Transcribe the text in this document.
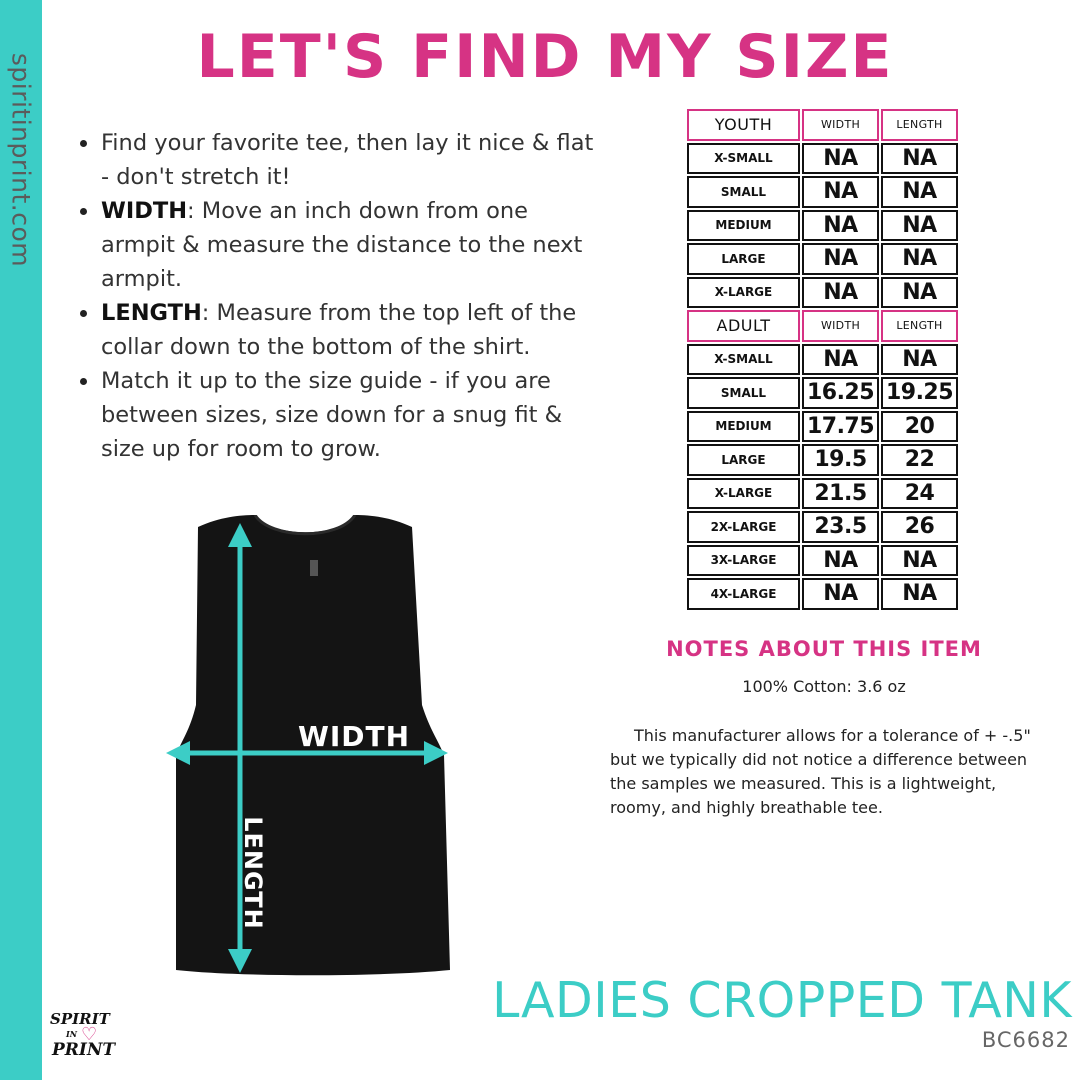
spiritinprint.com	LET'S FIND MY SIZE
Find your favorite tee, then lay it nice & flat - don't stretch it!
WIDTH: Move an inch down from one armpit & measure the distance to the next armpit.
LENGTH: Measure from the top left of the collar down to the bottom of the shirt.
Match it up to the size guide - if you are between sizes, size down for a snug fit & size up for room to grow.
WIDTH
LENGTH
YOUTH	WIDTH	LENGTH
X-SMALL	NA	NA
SMALL	NA	NA
MEDIUM	NA	NA
LARGE	NA	NA
X-LARGE	NA	NA
ADULT	WIDTH	LENGTH
X-SMALL	NA	NA
SMALL	16.25	19.25
MEDIUM	17.75	20
LARGE	19.5	22
X-LARGE	21.5	24
2X-LARGE	23.5	26
3X-LARGE	NA	NA
4X-LARGE	NA	NA
NOTES ABOUT THIS ITEM
100% Cotton: 3.6 oz

This manufacturer allows for a tolerance of + -.5" but we typically did not notice a difference between the samples we measured. This is a lightweight, roomy, and highly breathable tee.

LADIES CROPPED TANK
BC6682
SPIRIT
♡
IN
PRINT
